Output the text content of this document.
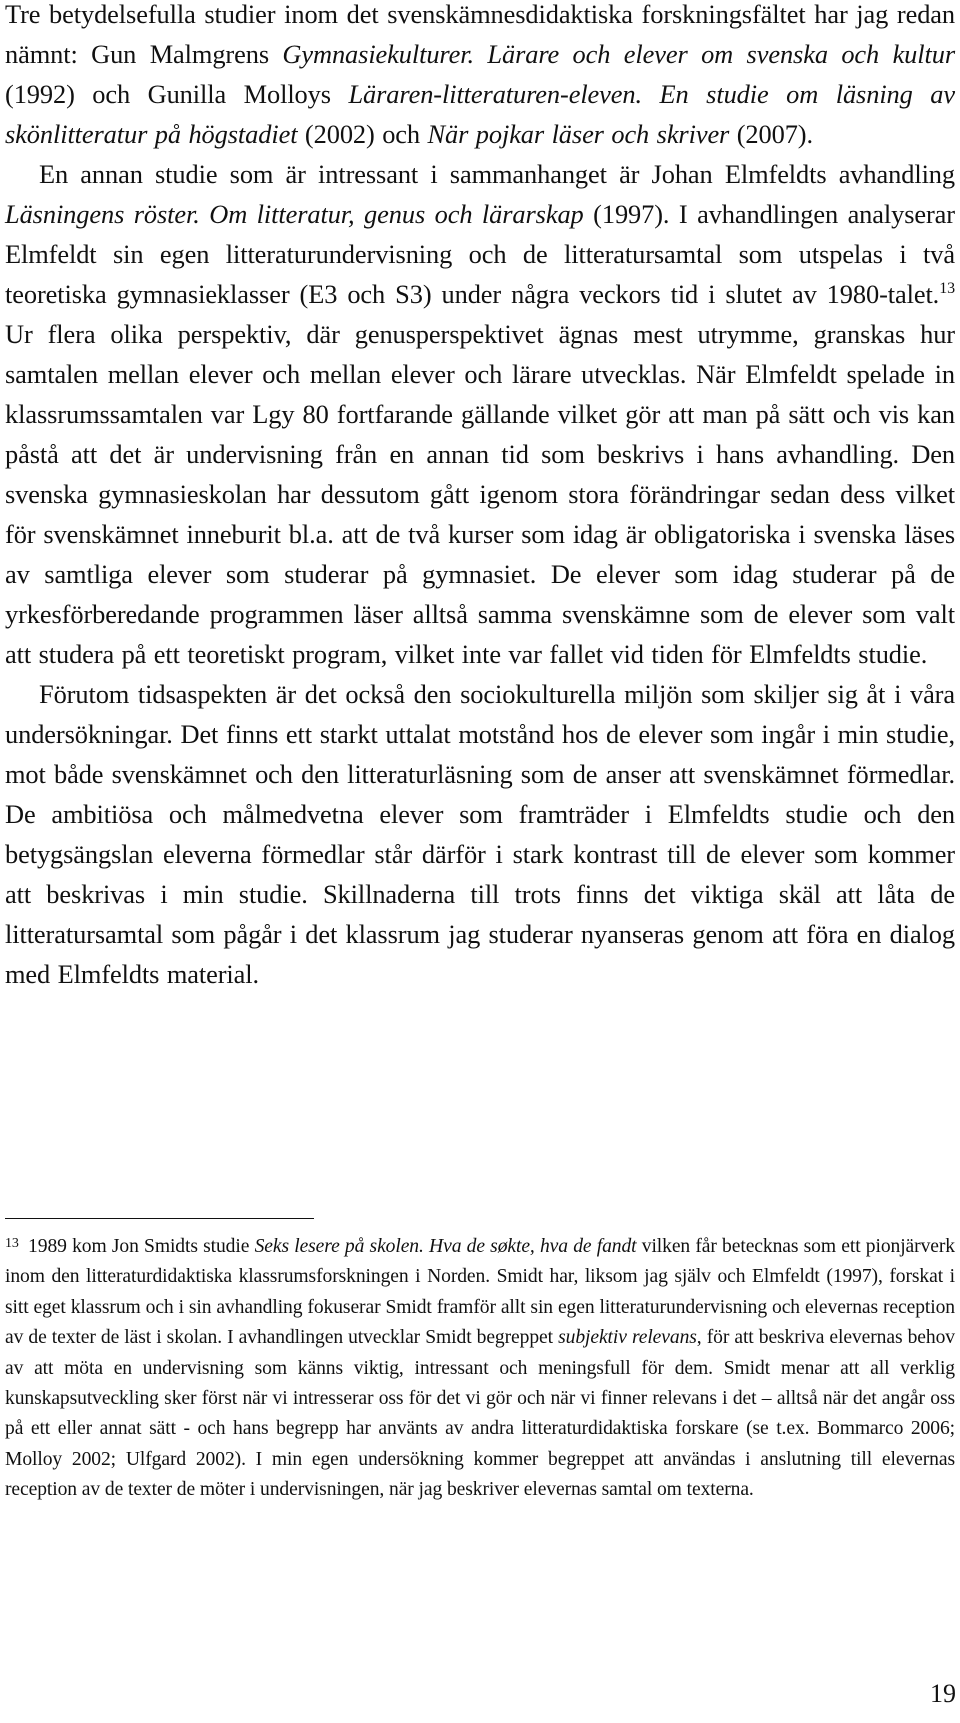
Tre betydelsefulla studier inom det svenskämnesdidaktiska forskningsfältet har jag redan nämnt: Gun Malmgrens Gymnasiekulturer. Lärare och elever om svenska och kultur (1992) och Gunilla Molloys Läraren-litteraturen-eleven. En studie om läsning av skönlitteratur på högstadiet (2002) och När pojkar läser och skriver (2007).

En annan studie som är intressant i sammanhanget är Johan Elmfeldts avhandling Läsningens röster. Om litteratur, genus och lärarskap (1997). I avhandlingen analyserar Elmfeldt sin egen litteraturundervisning och de litteratursamtal som utspelas i två teoretiska gymnasieklasser (E3 och S3) under några veckors tid i slutet av 1980-talet.$^{13}$ Ur flera olika perspektiv, där genusperspektivet ägnas mest utrymme, granskas hur samtalen mellan elever och mellan elever och lärare utvecklas. När Elmfeldt spelade in klassrumssamtalen var Lgy 80 fortfarande gällande vilket gör att man på sätt och vis kan påstå att det är undervisning från en annan tid som beskrivs i hans avhandling. Den svenska gymnasieskolan har dessutom gått igenom stora förändringar sedan dess vilket för svenskämnet inneburit bl.a. att de två kurser som idag är obligatoriska i svenska läses av samtliga elever som studerar på gymnasiet. De elever som idag studerar på de yrkesförberedande programmen läser alltså samma svenskämne som de elever som valt att studera på ett teoretiskt program, vilket inte var fallet vid tiden för Elmfeldts studie.

Förutom tidsaspekten är det också den sociokulturella miljön som skiljer sig åt i våra undersökningar. Det finns ett starkt uttalat motstånd hos de elever som ingår i min studie, mot både svenskämnet och den litteraturläsning som de anser att svenskämnet förmedlar. De ambitiösa och målmedvetna elever som framträder i Elmfeldts studie och den betygsängslan eleverna förmedlar står därför i stark kontrast till de elever som kommer att beskrivas i min studie. Skillnaderna till trots finns det viktiga skäl att låta de litteratursamtal som pågår i det klassrum jag studerar nyanseras genom att föra en dialog med Elmfeldts material.

$^{13}$ 1989 kom Jon Smidts studie Seks lesere på skolen. Hva de søkte, hva de fandt vilken får betecknas som ett pionjärverk inom den litteraturdidaktiska klassrumsforskningen i Norden. Smidt har, liksom jag själv och Elmfeldt (1997), forskat i sitt eget klassrum och i sin avhandling fokuserar Smidt framför allt sin egen litteraturundervisning och elevernas reception av de texter de läst i skolan. I avhandlingen utvecklar Smidt begreppet subjektiv relevans, för att beskriva elevernas behov av att möta en undervisning som känns viktig, intressant och meningsfull för dem. Smidt menar att all verklig kunskapsutveckling sker först när vi intresserar oss för det vi gör och när vi finner relevans i det – alltså när det angår oss på ett eller annat sätt - och hans begrepp har använts av andra litteraturdidaktiska forskare (se t.ex. Bommarco 2006; Molloy 2002; Ulfgard 2002). I min egen undersökning kommer begreppet att användas i anslutning till elevernas reception av de texter de möter i undervisningen, när jag beskriver elevernas samtal om texterna.
19
